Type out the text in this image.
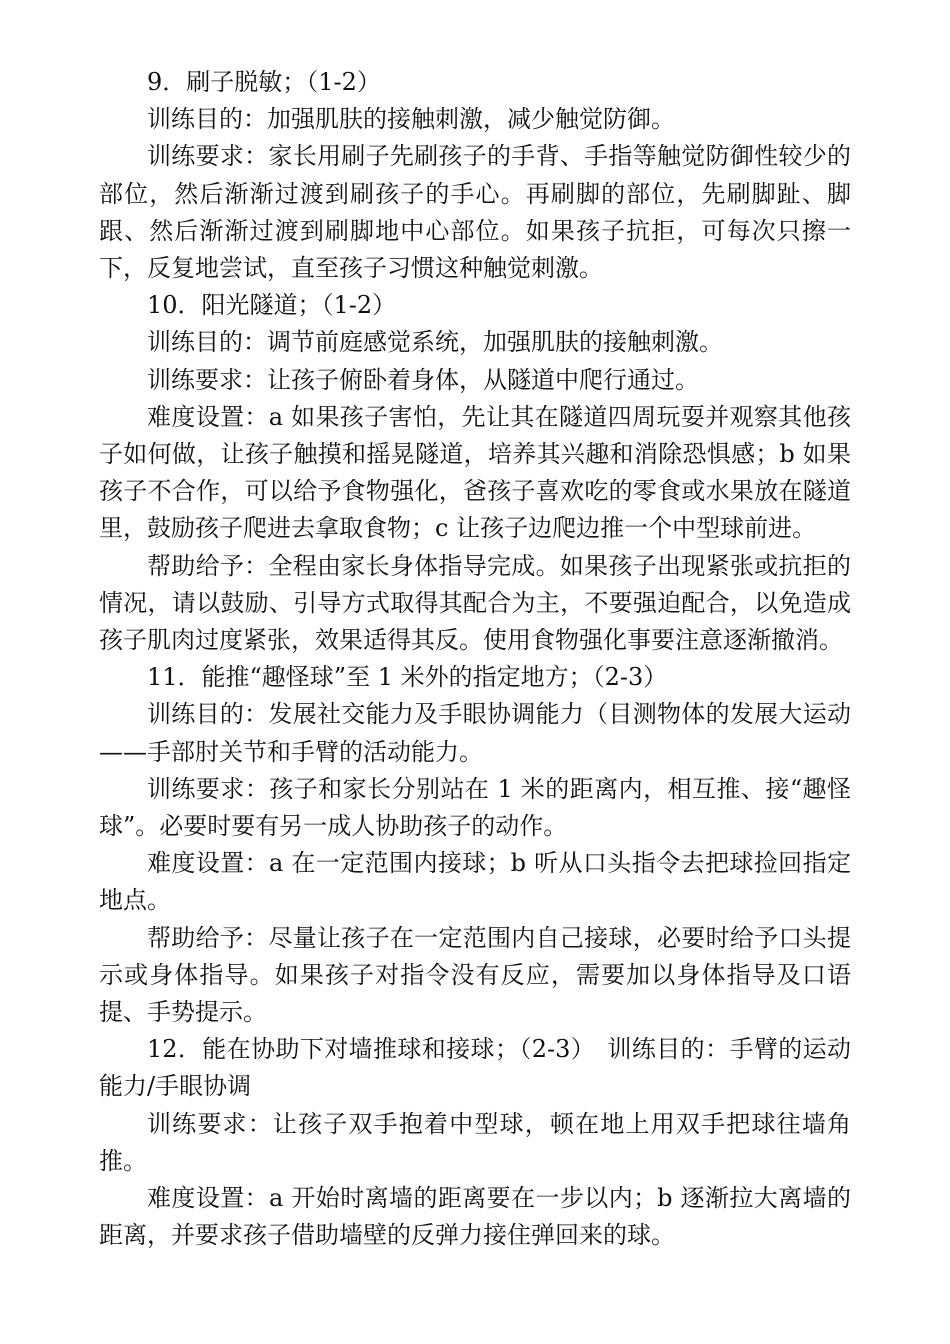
9．刷子脱敏；（1-2）

训练目的：加强肌肤的接触刺激，减少触觉防御。

训练要求：家长用刷子先刷孩子的手背、手指等触觉防御性较少的部位，然后渐渐过渡到刷孩子的手心。再刷脚的部位，先刷脚趾、脚跟、然后渐渐过渡到刷脚地中心部位。如果孩子抗拒，可每次只擦一下，反复地尝试，直至孩子习惯这种触觉刺激。

10．阳光隧道；（1-2）

训练目的：调节前庭感觉系统，加强肌肤的接触刺激。

训练要求：让孩子俯卧着身体，从隧道中爬行通过。

难度设置：a 如果孩子害怕，先让其在隧道四周玩耍并观察其他孩子如何做，让孩子触摸和摇晃隧道，培养其兴趣和消除恐惧感；b 如果孩子不合作，可以给予食物强化，爸孩子喜欢吃的零食或水果放在隧道里，鼓励孩子爬进去拿取食物；c 让孩子边爬边推一个中型球前进。

帮助给予：全程由家长身体指导完成。如果孩子出现紧张或抗拒的情况，请以鼓励、引导方式取得其配合为主，不要强迫配合，以免造成孩子肌肉过度紧张，效果适得其反。使用食物强化事要注意逐渐撤消。

11．能推“趣怪球”至 1 米外的指定地方；（2-3）

训练目的：发展社交能力及手眼协调能力（目测物体的发展大运动——手部肘关节和手臂的活动能力。

训练要求：孩子和家长分别站在 1 米的距离内，相互推、接“趣怪球”。必要时要有另一成人协助孩子的动作。

难度设置：a 在一定范围内接球；b 听从口头指令去把球捡回指定地点。

帮助给予：尽量让孩子在一定范围内自己接球，必要时给予口头提示或身体指导。如果孩子对指令没有反应，需要加以身体指导及口语提、手势提示。

12．能在协助下对墙推球和接球；（2-3）　训练目的：手臂的运动能力/手眼协调

训练要求：让孩子双手抱着中型球，顿在地上用双手把球往墙角推。

难度设置：a 开始时离墙的距离要在一步以内；b 逐渐拉大离墙的距离，并要求孩子借助墙壁的反弹力接住弹回来的球。
